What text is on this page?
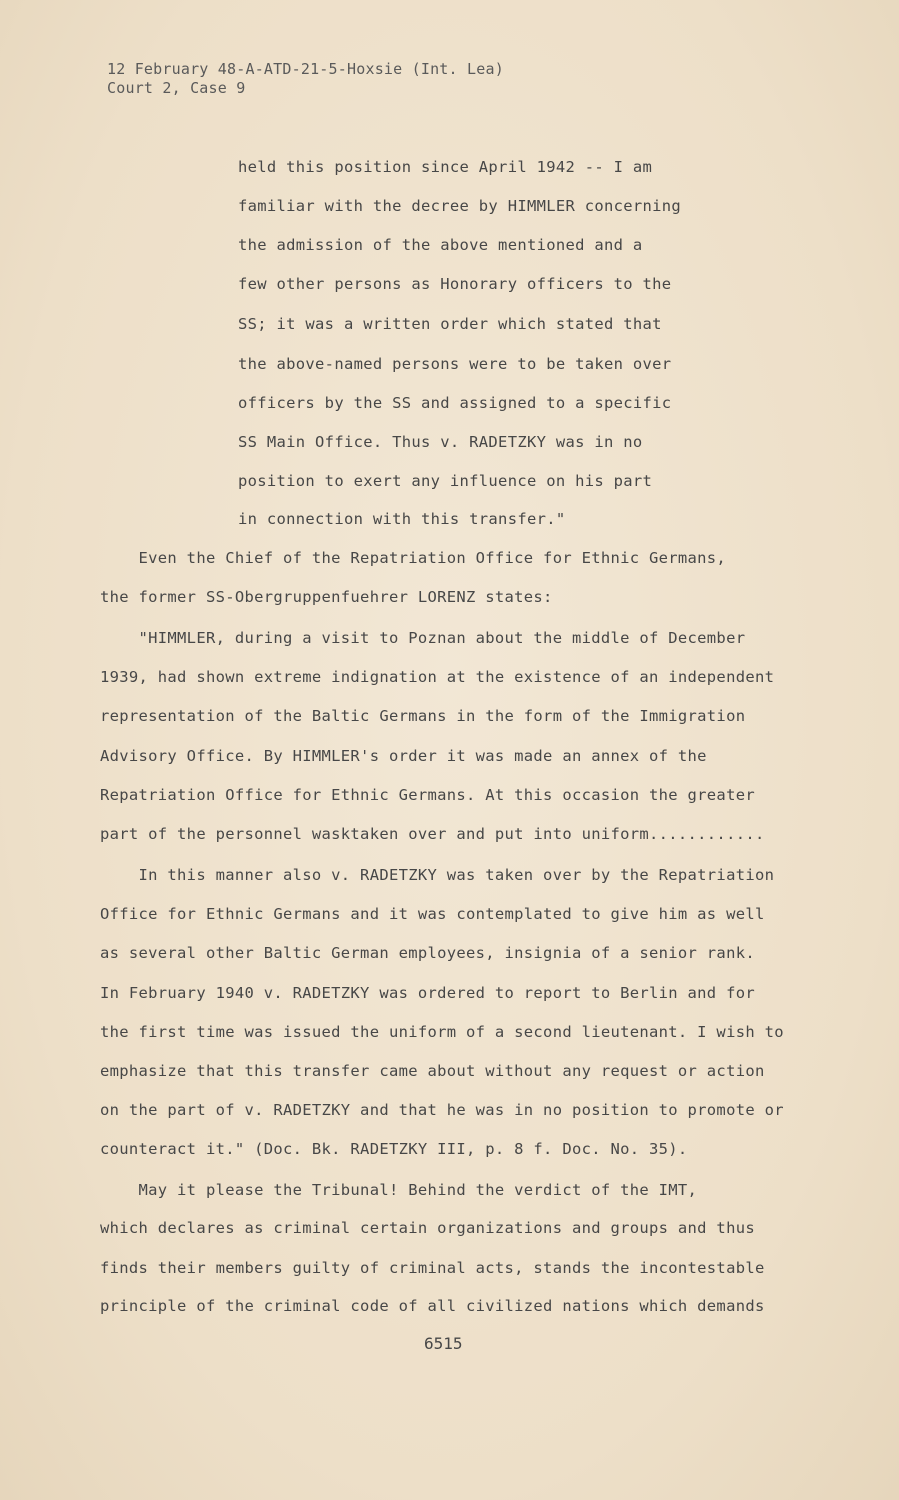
12 February 48-A-ATD-21-5-Hoxsie (Int. Lea)
Court 2, Case 9
held this position since April 1942 -- I am
familiar with the decree by HIMMLER concerning
the admission of the above mentioned and a
few other persons as Honorary officers to the
SS; it was a written order which stated that
the above-named persons were to be taken over
officers by the SS and assigned to a specific
SS Main Office. Thus v. RADETZKY was in no
position to exert any influence on his part
in connection with this transfer."
Even the Chief of the Repatriation Office for Ethnic Germans,
the former SS-Obergruppenfuehrer LORENZ states:
"HIMMLER, during a visit to Poznan about the middle of December
1939, had shown extreme indignation at the existence of an independent
representation of the Baltic Germans in the form of the Immigration
Advisory Office. By HIMMLER's order it was made an annex of the
Repatriation Office for Ethnic Germans. At this occasion the greater
part of the personnel wasktaken over and put into uniform............
In this manner also v. RADETZKY was taken over by the Repatriation
Office for Ethnic Germans and it was contemplated to give him as well
as several other Baltic German employees, insignia of a senior rank.
In February 1940 v. RADETZKY was ordered to report to Berlin and for
the first time was issued the uniform of a second lieutenant. I wish to
emphasize that this transfer came about without any request or action
on the part of v. RADETZKY and that he was in no position to promote or
counteract it." (Doc. Bk. RADETZKY III, p. 8 f. Doc. No. 35).
May it please the Tribunal! Behind the verdict of the IMT,
which declares as criminal certain organizations and groups and thus
finds their members guilty of criminal acts, stands the incontestable
principle of the criminal code of all civilized nations which demands
6515
